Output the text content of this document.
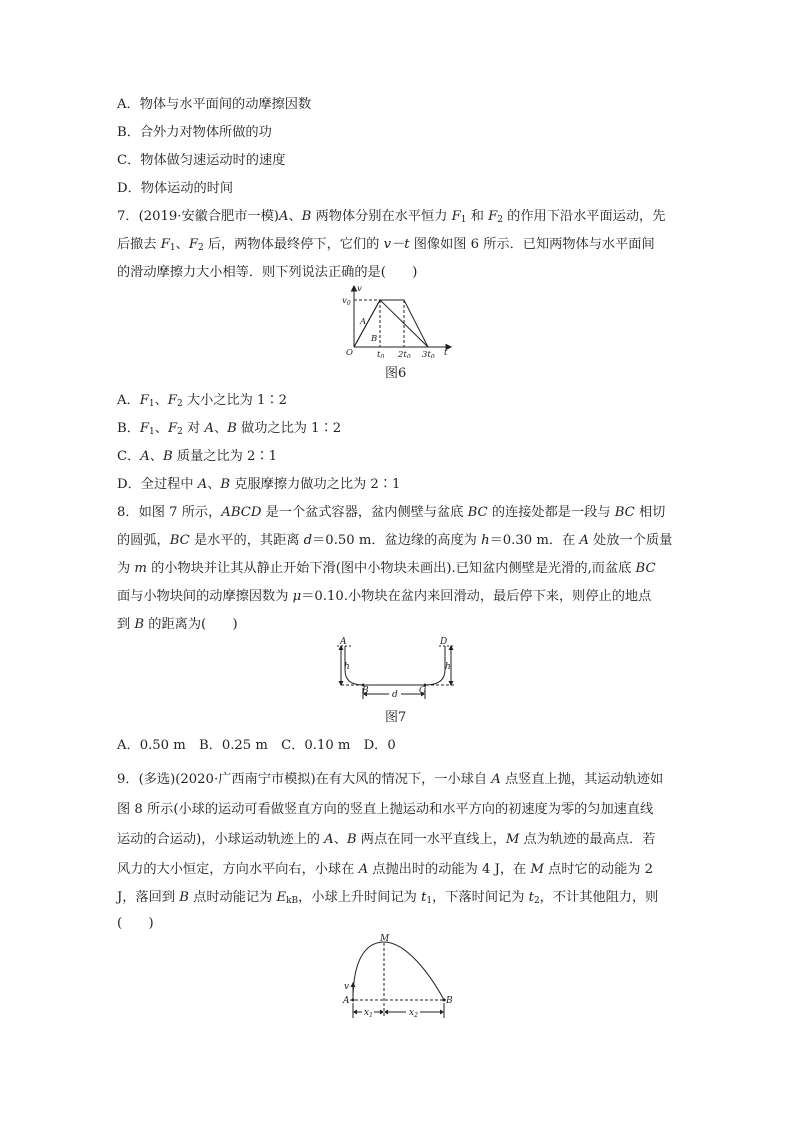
A．物体与水平面间的动摩擦因数
B．合外力对物体所做的功
C．物体做匀速运动时的速度
D．物体运动的时间
7．(2019·安徽合肥市一模)A、B 两物体分别在水平恒力 $F_1$ 和 $F_2$ 的作用下沿水平面运动，先
后撤去 $F_1$、$F_2$ 后，两物体最终停下，它们的 v－t 图像如图 6 所示．已知两物体与水平面间
的滑动摩擦力大小相等．则下列说法正确的是(　　)
v
$v_0$
A
B
O	$t_0$ $2t_0$ $3t_0$ t
图6
A．$F_1$、$F_2$ 大小之比为 1∶2
B．$F_1$、$F_2$ 对 A、B 做功之比为 1∶2
C．A、B 质量之比为 2∶1
D．全过程中 A、B 克服摩擦力做功之比为 2∶1
8．如图 7 所示，ABCD 是一个盆式容器，盆内侧壁与盆底 BC 的连接处都是一段与 BC 相切
的圆弧，BC 是水平的，其距离 d＝0.50 m．盆边缘的高度为 h＝0.30 m．在 A 处放一个质量
为 m 的小物块并让其从静止开始下滑(图中小物块未画出).已知盆内侧壁是光滑的,而盆底 BC
面与小物块间的动摩擦因数为 μ＝0.10.小物块在盆内来回滑动，最后停下来，则停止的地点
到 B 的距离为(　　)
A	D
h	h
B	C
d
图7
A．0.50 m　B．0.25 m　C．0.10 m　D．0
9．(多选)(2020·广西南宁市模拟)在有大风的情况下，一小球自 A 点竖直上抛，其运动轨迹如
图 8 所示(小球的运动可看做竖直方向的竖直上抛运动和水平方向的初速度为零的匀加速直线
运动的合运动)，小球运动轨迹上的 A、B 两点在同一水平直线上，M 点为轨迹的最高点．若
风力的大小恒定，方向水平向右，小球在 A 点抛出时的动能为 4 J，在 M 点时它的动能为 2
J，落回到 B 点时动能记为 $E_{kB}$，小球上升时间记为 $t_1$，下落时间记为 $t_2$，不计其他阻力，则
(　　)
M
v
A	B
$x_1$	$x_2$
